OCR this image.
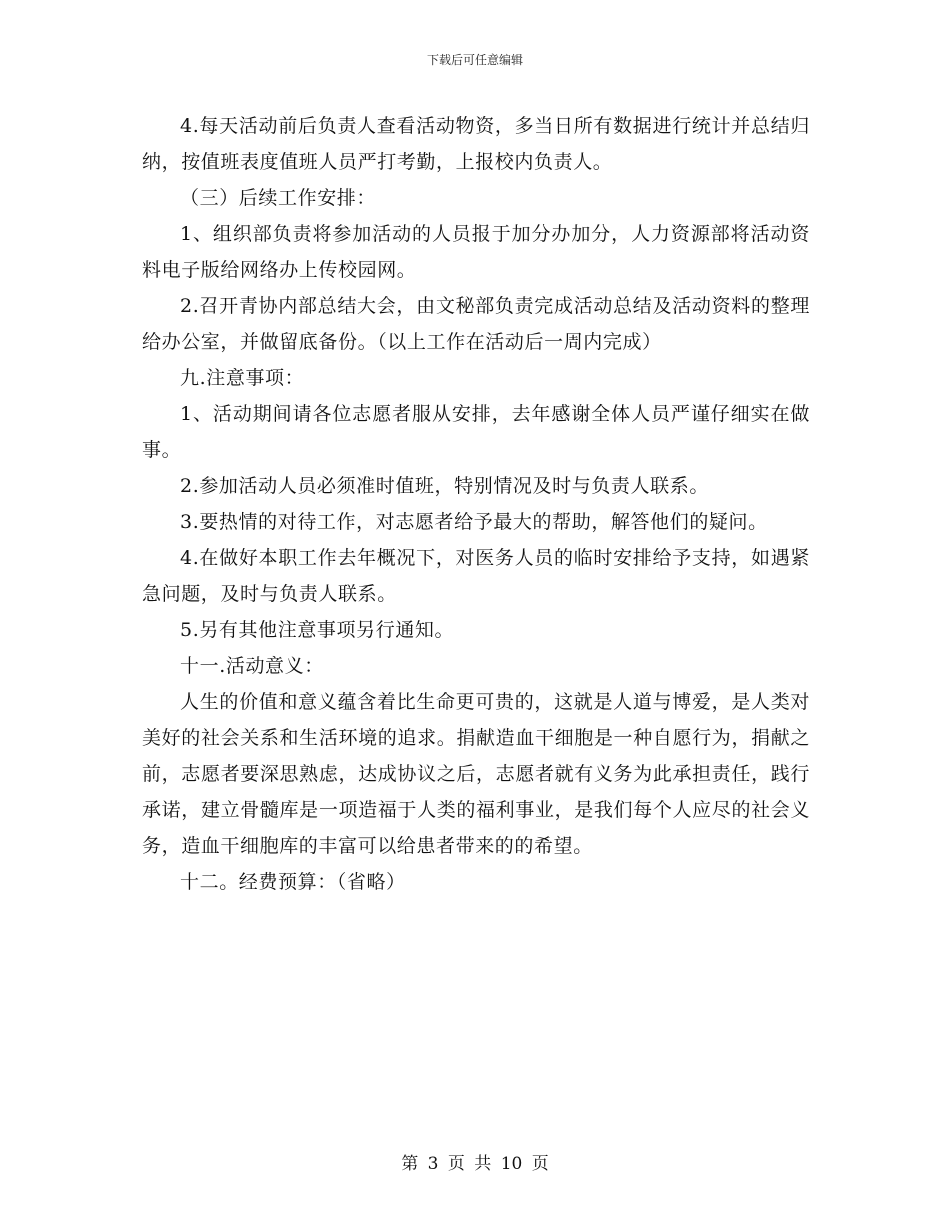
下载后可任意编辑

4.每天活动前后负责人查看活动物资，多当日所有数据进行统计并总结归纳，按值班表度值班人员严打考勤，上报校内负责人。

（三）后续工作安排：

1、组织部负责将参加活动的人员报于加分办加分，人力资源部将活动资料电子版给网络办上传校园网。

2.召开青协内部总结大会，由文秘部负责完成活动总结及活动资料的整理给办公室，并做留底备份。（以上工作在活动后一周内完成）

九.注意事项：

1、活动期间请各位志愿者服从安排，去年感谢全体人员严谨仔细实在做事。

2.参加活动人员必须准时值班，特别情况及时与负责人联系。

3.要热情的对待工作，对志愿者给予最大的帮助，解答他们的疑问。

4.在做好本职工作去年概况下，对医务人员的临时安排给予支持，如遇紧急问题，及时与负责人联系。

5.另有其他注意事项另行通知。

十一.活动意义：

人生的价值和意义蕴含着比生命更可贵的，这就是人道与博爱，是人类对美好的社会关系和生活环境的追求。捐献造血干细胞是一种自愿行为，捐献之前，志愿者要深思熟虑，达成协议之后，志愿者就有义务为此承担责任，践行承诺，建立骨髓库是一项造福于人类的福利事业，是我们每个人应尽的社会义务，造血干细胞库的丰富可以给患者带来的的希望。

十二。经费预算：（省略）

第 3 页 共 10 页
